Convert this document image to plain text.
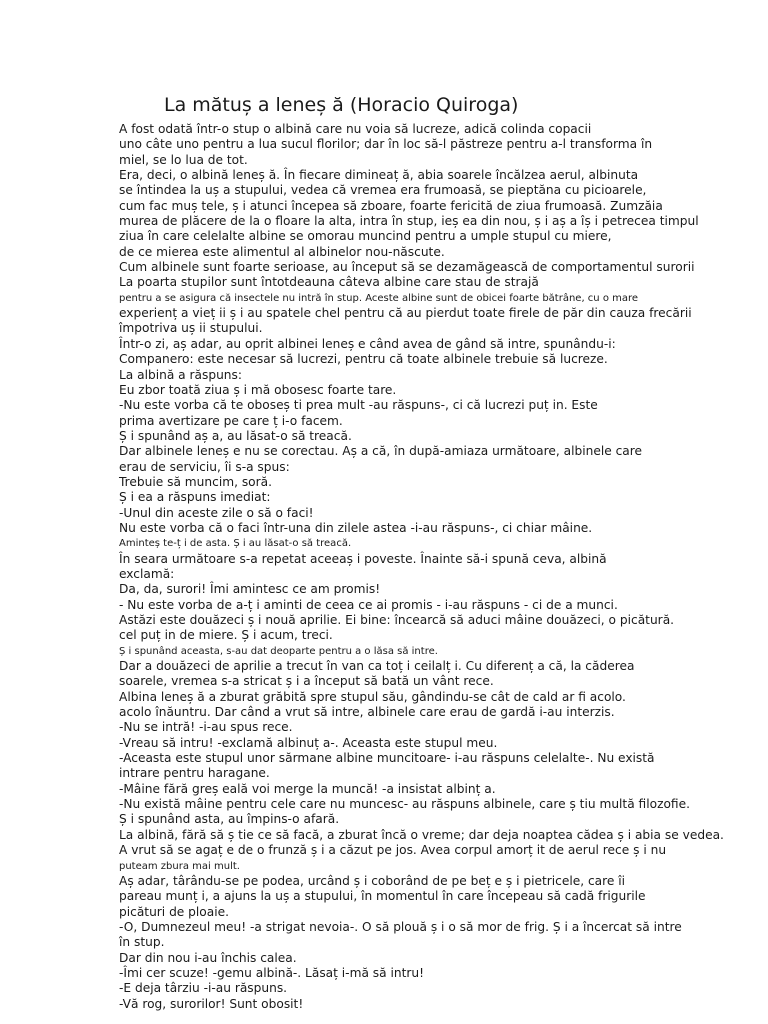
La mătuș a leneș ă (Horacio Quiroga)
A fost odată într-o stup o albină care nu voia să lucreze, adică colinda copacii
uno câte uno pentru a lua sucul florilor; dar în loc să-l păstreze pentru a-l transforma în
miel, se lo lua de tot.
Era, deci, o albină leneș ă. În fiecare dimineaț ă, abia soarele încălzea aerul, albinuta
se întindea la uș a stupului, vedea că vremea era frumoasă, se pieptăna cu picioarele,
cum fac muș tele, ș i atunci începea să zboare, foarte fericită de ziua frumoasă. Zumzăia
murea de plăcere de la o floare la alta, intra în stup, ieș ea din nou, ș i aș a îș i petrecea timpul
ziua în care celelalte albine se omorau muncind pentru a umple stupul cu miere,
de ce mierea este alimentul al albinelor nou-născute.
Cum albinele sunt foarte serioase, au început să se dezamăgească de comportamentul surorii
La poarta stupilor sunt întotdeauna câteva albine care stau de strajă
pentru a se asigura că insectele nu intră în stup. Aceste albine sunt de obicei foarte bătrâne, cu o mare
experienț a vieț ii ș i au spatele chel pentru că au pierdut toate firele de păr din cauza frecării
împotriva uș ii stupului.
Într-o zi, aș adar, au oprit albinei leneș e când avea de gând să intre, spunându-i:
Companero: este necesar să lucrezi, pentru că toate albinele trebuie să lucreze.
La albină a răspuns:
Eu zbor toată ziua ș i mă obosesc foarte tare.
-Nu este vorba că te oboseș ti prea mult -au răspuns-, ci că lucrezi puț in. Este
prima avertizare pe care ț i-o facem.
Ș i spunând aș a, au lăsat-o să treacă.
Dar albinele leneș e nu se corectau. Aș a că, în după-amiaza următoare, albinele care
erau de serviciu, îi s-a spus:
Trebuie să muncim, soră.
Ș i ea a răspuns imediat:
-Unul din aceste zile o să o faci!
Nu este vorba că o faci într-una din zilele astea -i-au răspuns-, ci chiar mâine.
Aminteș te-ț i de asta. Ș i au lăsat-o să treacă.
În seara următoare s-a repetat aceeaș i poveste. Înainte să-i spună ceva, albină
exclamă:
Da, da, surori! Îmi amintesc ce am promis!
- Nu este vorba de a-ț i aminti de ceea ce ai promis - i-au răspuns - ci de a munci.
Astăzi este douăzeci ș i nouă aprilie. Ei bine: încearcă să aduci mâine douăzeci, o picătură.
cel puț in de miere. Ș i acum, treci.
Ș i spunând aceasta, s-au dat deoparte pentru a o lăsa să intre.
Dar a douăzeci de aprilie a trecut în van ca toț i ceilalț i. Cu diferenț a că, la căderea
soarele, vremea s-a stricat ș i a început să bată un vânt rece.
Albina leneș ă a zburat grăbită spre stupul său, gândindu-se cât de cald ar fi acolo.
acolo înăuntru. Dar când a vrut să intre, albinele care erau de gardă i-au interzis.
-Nu se intră! -i-au spus rece.
-Vreau să intru! -exclamă albinuț a-. Aceasta este stupul meu.
-Aceasta este stupul unor sărmane albine muncitoare- i-au răspuns celelalte-. Nu există
intrare pentru haragane.
-Mâine fără greș eală voi merge la muncă! -a insistat albinț a.
-Nu există mâine pentru cele care nu muncesc- au răspuns albinele, care ș tiu multă filozofie.
Ș i spunând asta, au împins-o afară.
La albină, fără să ș tie ce să facă, a zburat încă o vreme; dar deja noaptea cădea ș i abia se vedea.
A vrut să se agaț e de o frunză ș i a căzut pe jos. Avea corpul amorț it de aerul rece ș i nu
puteam zbura mai mult.
Aș adar, târându-se pe podea, urcând ș i coborând de pe beț e ș i pietricele, care îi
pareau munț i, a ajuns la uș a stupului, în momentul în care începeau să cadă frigurile
picături de ploaie.
-O, Dumnezeul meu! -a strigat nevoia-. O să plouă ș i o să mor de frig. Ș i a încercat să intre
în stup.
Dar din nou i-au închis calea.
-Îmi cer scuze! -gemu albină-. Lăsaț i-mă să intru!
-E deja târziu -i-au răspuns.
-Vă rog, surorilor! Sunt obosit!
